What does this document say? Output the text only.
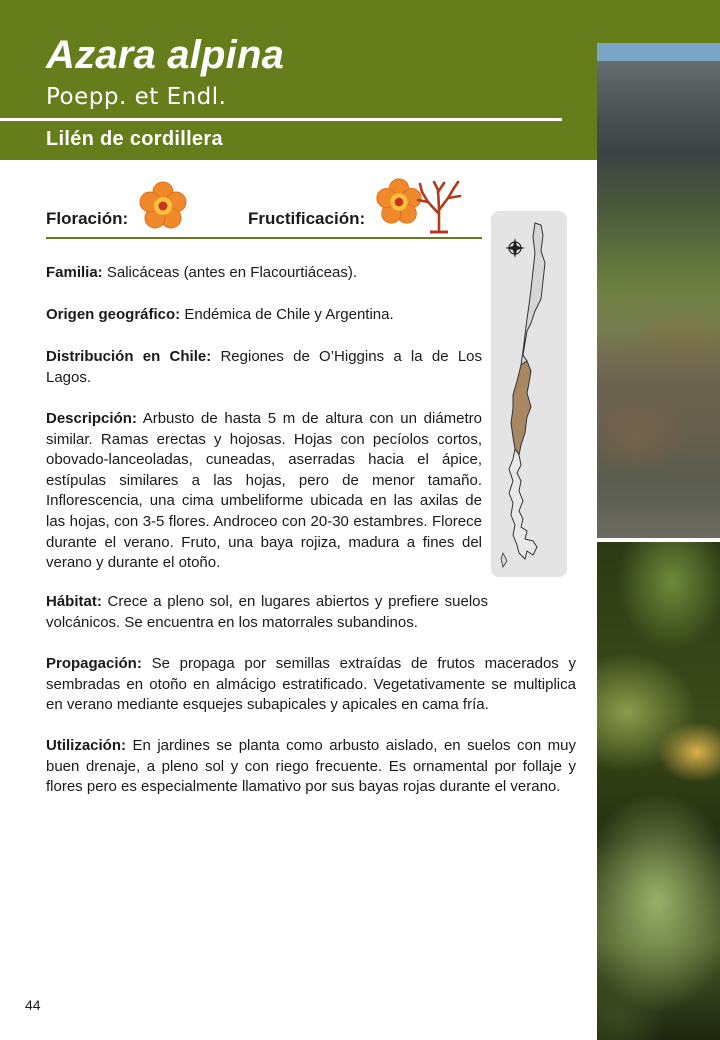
Azara alpina
Poepp. et Endl.
Lilén de cordillera
Floración:	Fructificación:

Familia: Salicáceas (antes en Flacourtiáceas).

Origen geográfico: Endémica de Chile y Argentina.

Distribución en Chile: Regiones de O’Higgins a la de Los Lagos.

Descripción: Arbusto de hasta 5 m de altura con un diámetro similar. Ramas erectas y hojosas. Hojas con pecíolos cortos, obovado-lanceoladas, cuneadas, aserradas hacia el ápice, estípulas similares a las hojas, pero de menor tamaño. Inflorescencia, una cima umbeliforme ubicada en las axilas de las hojas, con 3-5 flores. Androceo con 20-30 estambres. Florece durante el verano. Fruto, una baya rojiza, madura a fines del verano y durante el otoño.

Hábitat: Crece a pleno sol, en lugares abiertos y prefiere suelos volcánicos. Se encuentra en los matorrales subandinos.

Propagación: Se propaga por semillas extraídas de frutos macerados y sembradas en otoño en almácigo estratificado. Vegetativamente se multiplica en verano mediante esquejes subapicales y apicales en cama fría.

Utilización: En jardines se planta como arbusto aislado, en suelos con muy buen drenaje, a pleno sol y con riego frecuente. Es ornamental por follaje y flores pero es especialmente llamativo por sus bayas rojas durante el verano.

44
